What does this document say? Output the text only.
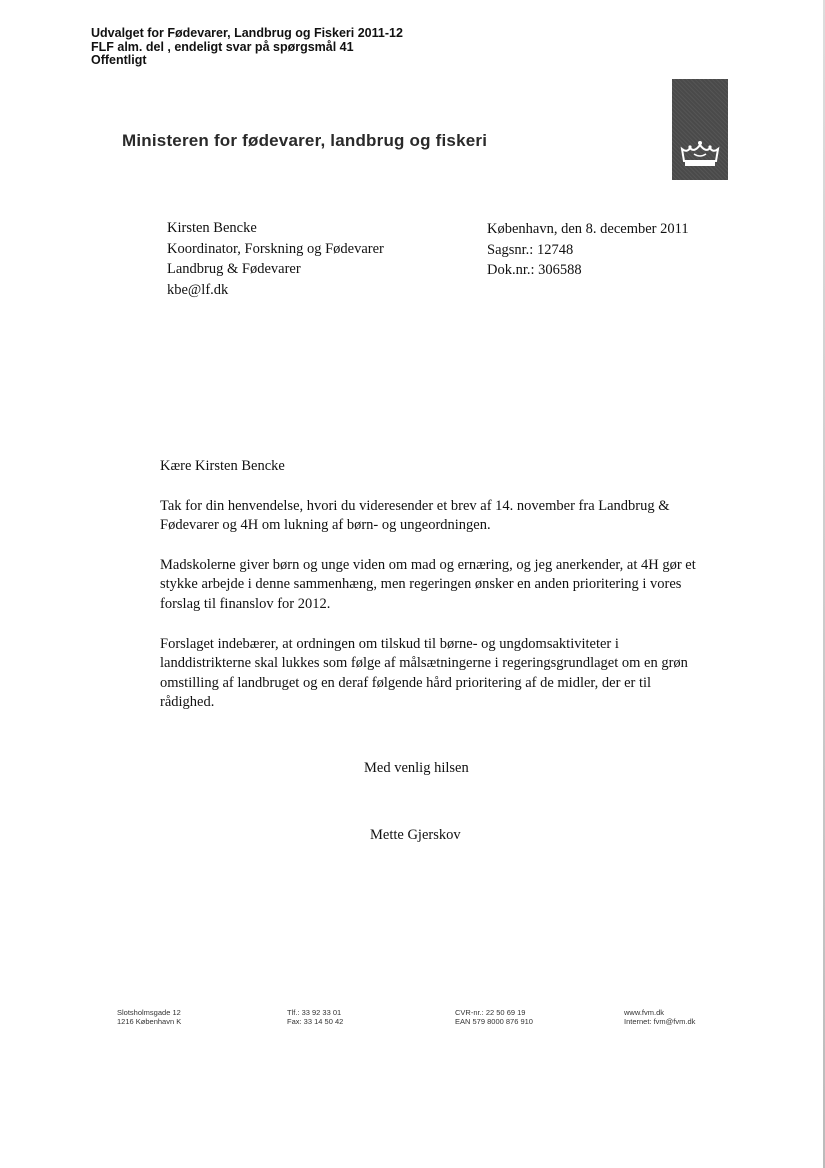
Udvalget for Fødevarer, Landbrug og Fiskeri 2011-12
FLF alm. del , endeligt svar på spørgsmål 41
Offentligt
Ministeren for fødevarer, landbrug og fiskeri
Kirsten Bencke
Koordinator, Forskning og Fødevarer
Landbrug & Fødevarer
kbe@lf.dk
København, den 8. december 2011
Sagsnr.: 12748
Dok.nr.: 306588

Kære Kirsten Bencke

Tak for din henvendelse, hvori du videresender et brev af 14. november fra Landbrug & Fødevarer og 4H om lukning af børn- og ungeordningen.

Madskolerne giver børn og unge viden om mad og ernæring, og jeg anerkender, at 4H gør et stykke arbejde i denne sammenhæng, men regeringen ønsker en anden prioritering i vores forslag til finanslov for 2012.

Forslaget indebærer, at ordningen om tilskud til børne- og ungdomsaktiviteter i landdistrikterne skal lukkes som følge af målsætningerne i regeringsgrundlaget om en grøn omstilling af landbruget og en deraf følgende hård prioritering af de midler, der er til rådighed.

Med venlig hilsen
Mette Gjerskov
Slotsholmsgade 12
1216 København K
Tlf.: 33 92 33 01
Fax: 33 14 50 42
CVR-nr.: 22 50 69 19
EAN 579 8000 876 910
www.fvm.dk
Internet: fvm@fvm.dk
